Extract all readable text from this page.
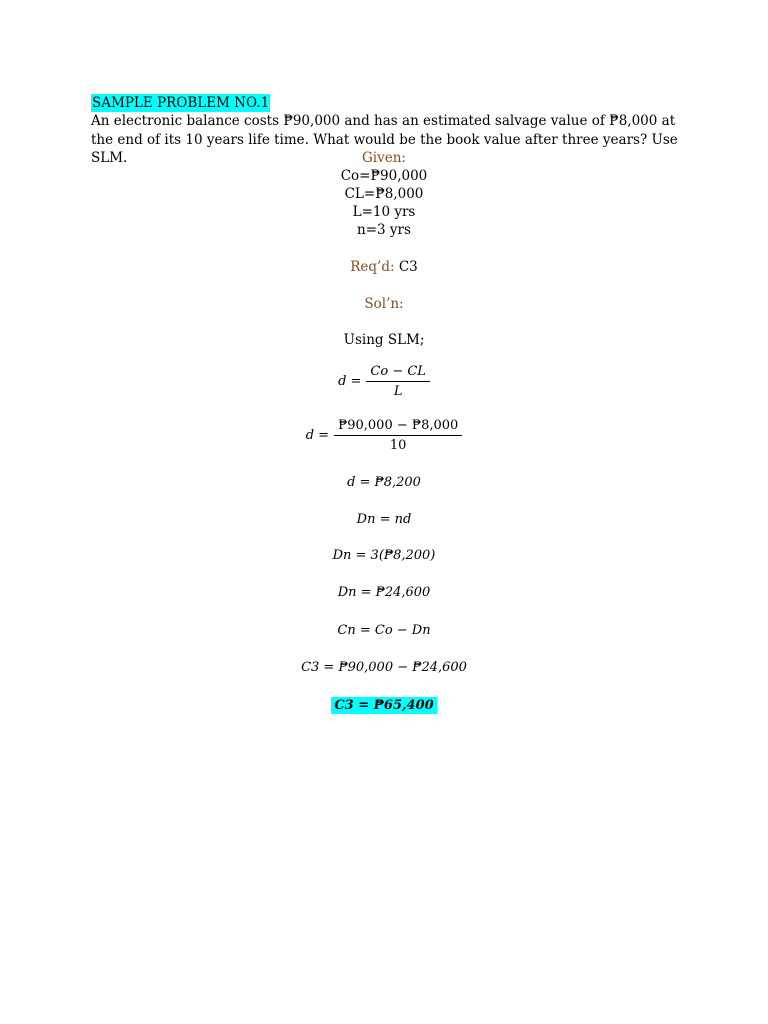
SAMPLE PROBLEM NO.1
An electronic balance costs ₱90,000 and has an estimated salvage value of ₱8,000 at the end of its 10 years life time. What would be the book value after three years? Use SLM.	Given:
Co=₱90,000
CL=₱8,000
L=10 yrs
n=3 yrs
Req’d: C3
Sol’n:
Using SLM;
$d = \frac{Co - CL}{L}$
$d = \frac{₱90,000 - ₱8,000}{10}$
d = ₱8,200
Dn = nd
Dn = 3(₱8,200)
Dn = ₱24,600
Cn = Co − Dn
C3 = ₱90,000 − ₱24,600
C3 = ₱65,400
